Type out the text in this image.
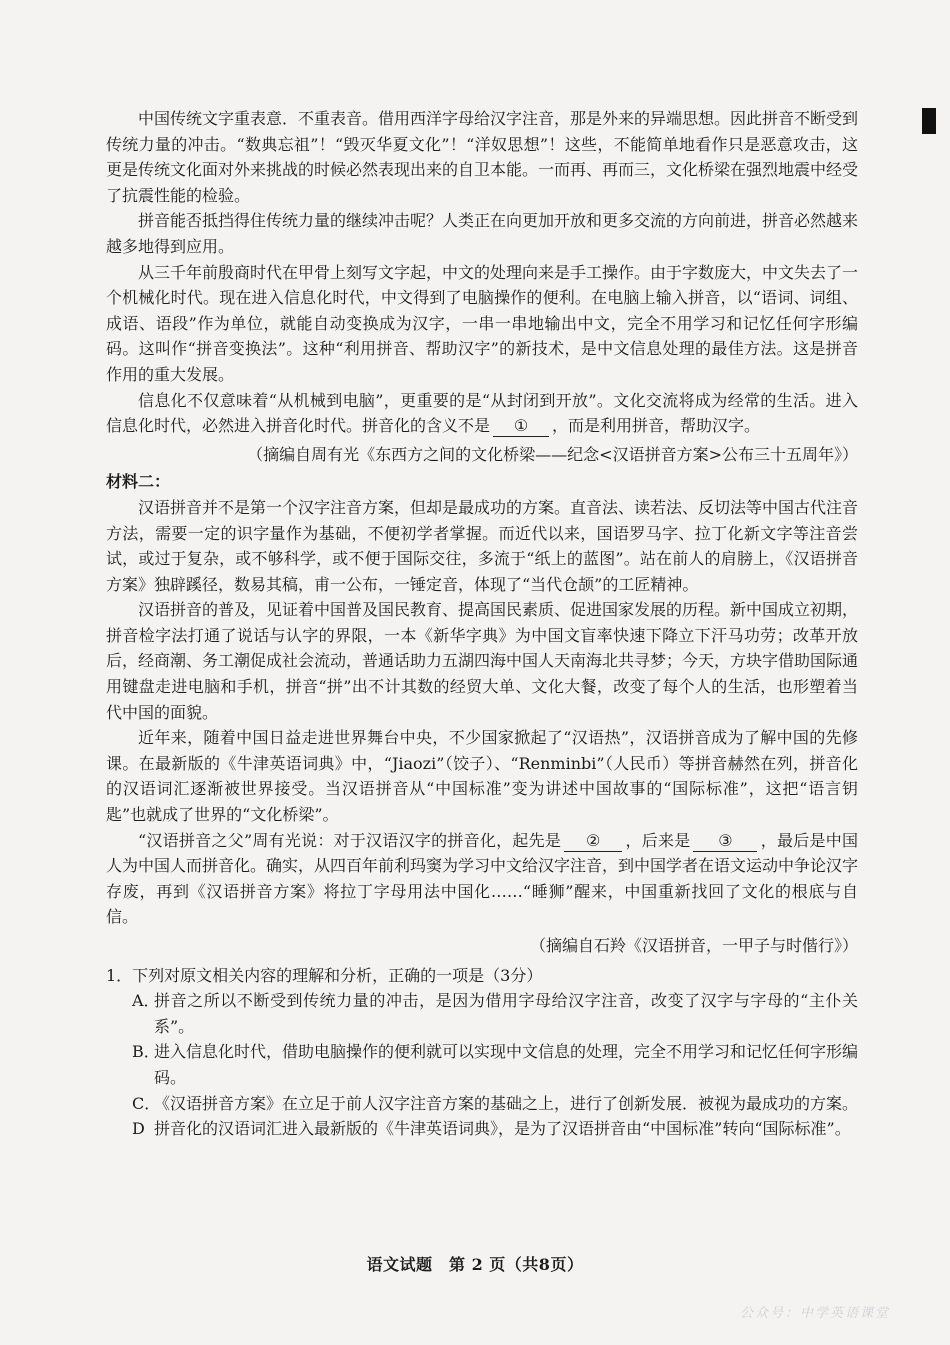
中国传统文字重表意．不重表音。借用西洋字母给汉字注音，那是外来的异端思想。因此拼音不断受到传统力量的冲击。“数典忘祖”！“毁灭华夏文化”！“洋奴思想”！这些，不能简单地看作只是恶意攻击，这更是传统文化面对外来挑战的时候必然表现出来的自卫本能。一而再、再而三，文化桥梁在强烈地震中经受了抗震性能的检验。

拼音能否抵挡得住传统力量的继续冲击呢？人类正在向更加开放和更多交流的方向前进，拼音必然越来越多地得到应用。

从三千年前殷商时代在甲骨上刻写文字起，中文的处理向来是手工操作。由于字数庞大，中文失去了一个机械化时代。现在进入信息化时代，中文得到了电脑操作的便利。在电脑上输入拼音，以“语词、词组、成语、语段”作为单位，就能自动变换成为汉字，一串一串地输出中文，完全不用学习和记忆任何字形编码。这叫作“拼音变换法”。这种“利用拼音、帮助汉字”的新技术，是中文信息处理的最佳方法。这是拼音作用的重大发展。

信息化不仅意味着“从机械到电脑”，更重要的是“从封闭到开放”。文化交流将成为经常的生活。进入信息化时代，必然进入拼音化时代。拼音化的含义不是 ① ，而是利用拼音，帮助汉字。

（摘编自周有光《东西方之间的文化桥梁——纪念<汉语拼音方案>公布三十五周年》）

材料二：

汉语拼音并不是第一个汉字注音方案，但却是最成功的方案。直音法、读若法、反切法等中国古代注音方法，需要一定的识字量作为基础，不便初学者掌握。而近代以来，国语罗马字、拉丁化新文字等注音尝试，或过于复杂，或不够科学，或不便于国际交往，多流于“纸上的蓝图”。站在前人的肩膀上，《汉语拼音方案》独辟蹊径，数易其稿，甫一公布，一锤定音，体现了“当代仓颉”的工匠精神。

汉语拼音的普及，见证着中国普及国民教育、提高国民素质、促进国家发展的历程。新中国成立初期，拼音检字法打通了说话与认字的界限，一本《新华字典》为中国文盲率快速下降立下汗马功劳；改革开放后，经商潮、务工潮促成社会流动，普通话助力五湖四海中国人天南海北共寻梦；今天，方块字借助国际通用键盘走进电脑和手机，拼音“拼”出不计其数的经贸大单、文化大餐，改变了每个人的生活，也形塑着当代中国的面貌。

近年来，随着中国日益走进世界舞台中央，不少国家掀起了“汉语热”，汉语拼音成为了解中国的先修课。在最新版的《牛津英语词典》中，“Jiaozi”（饺子）、“Renminbi”（人民币）等拼音赫然在列，拼音化的汉语词汇逐渐被世界接受。当汉语拼音从“中国标准”变为讲述中国故事的“国际标准”，这把“语言钥匙”也就成了世界的“文化桥梁”。

“汉语拼音之父”周有光说：对于汉语汉字的拼音化，起先是 ② ，后来是 ③ ，最后是中国人为中国人而拼音化。确实，从四百年前利玛窦为学习中文给汉字注音，到中国学者在语文运动中争论汉字存废，再到《汉语拼音方案》将拉丁字母用法中国化……“睡狮”醒来，中国重新找回了文化的根底与自信。

（摘编自石羚《汉语拼音，一甲子与时偕行》）

1．下列对原文相关内容的理解和分析，正确的一项是（3分）

A．
拼音之所以不断受到传统力量的冲击，是因为借用字母给汉字注音，改变了汉字与字母的“主仆关系”。
B．
进入信息化时代，借助电脑操作的便利就可以实现中文信息的处理，完全不用学习和记忆任何字形编码。
C．
《汉语拼音方案》在立足于前人汉字注音方案的基础之上，进行了创新发展．被视为最成功的方案。
D 拼音化的汉语词汇进入最新版的《牛津英语词典》，是为了汉语拼音由“中国标准”转向“国际标准”。
语文试题　第 2 页（共8页）
公众号：中学英语课堂
